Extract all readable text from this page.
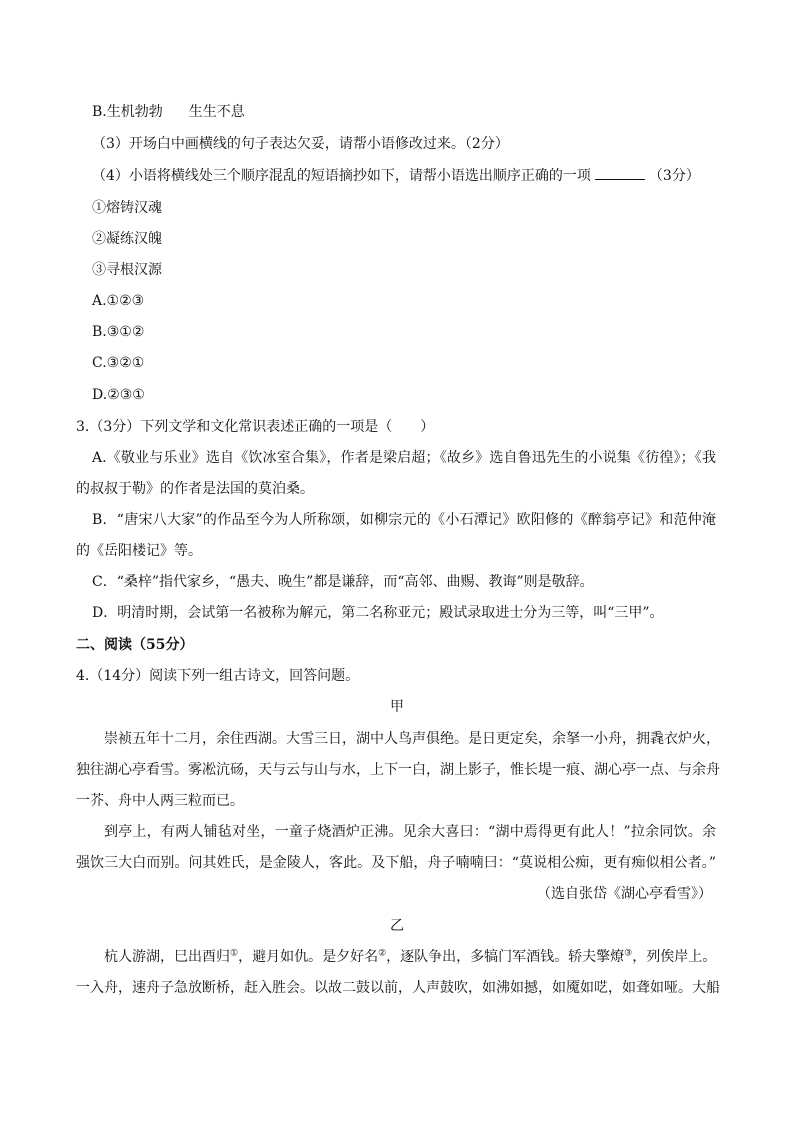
B.生机勃勃 生生不息
（3）开场白中画横线的句子表达欠妥，请帮小语修改过来。（2分）
（4）小语将横线处三个顺序混乱的短语摘抄如下，请帮小语选出顺序正确的一项	（3分）
①熔铸汉魂
②凝练汉魄
③寻根汉源
A.①②③
B.③①②
C.③②①
D.②③①
3.（3分）下列文学和文化常识表述正确的一项是（　　）
A.《敬业与乐业》选自《饮冰室合集》，作者是梁启超；《故乡》选自鲁迅先生的小说集《彷徨》；《我
的叔叔于勒》的作者是法国的莫泊桑。
B．“唐宋八大家”的作品至今为人所称颂，如柳宗元的《小石潭记》欧阳修的《醉翁亭记》和范仲淹
的《岳阳楼记》等。
C．“桑梓”指代家乡，“愚夫、晚生”都是谦辞，而“高邻、曲赐、教诲”则是敬辞。
D．明清时期，会试第一名被称为解元，第二名称亚元；殿试录取进士分为三等，叫“三甲”。
二、阅读（55分）
4.（14分）阅读下列一组古诗文，回答问题。
甲
崇祯五年十二月，余住西湖。大雪三日，湖中人鸟声俱绝。是日更定矣，余拏一小舟，拥毳衣炉火，
独往湖心亭看雪。雾凇沆砀，天与云与山与水，上下一白，湖上影子，惟长堤一痕、湖心亭一点、与余舟
一芥、舟中人两三粒而已。
到亭上，有两人铺毡对坐，一童子烧酒炉正沸。见余大喜曰：“湖中焉得更有此人！”拉余同饮。余
强饮三大白而别。问其姓氏，是金陵人，客此。及下船，舟子喃喃曰：“莫说相公痴，更有痴似相公者。”
（选自张岱《湖心亭看雪》）
乙
杭人游湖，巳出酉归①，避月如仇。是夕好名②，逐队争出，多犒门军酒钱。轿夫擎燎③，列俟岸上。
一入舟，速舟子急放断桥，赶入胜会。以故二鼓以前，人声鼓吹，如沸如撼，如魇如呓，如聋如哑。大船
